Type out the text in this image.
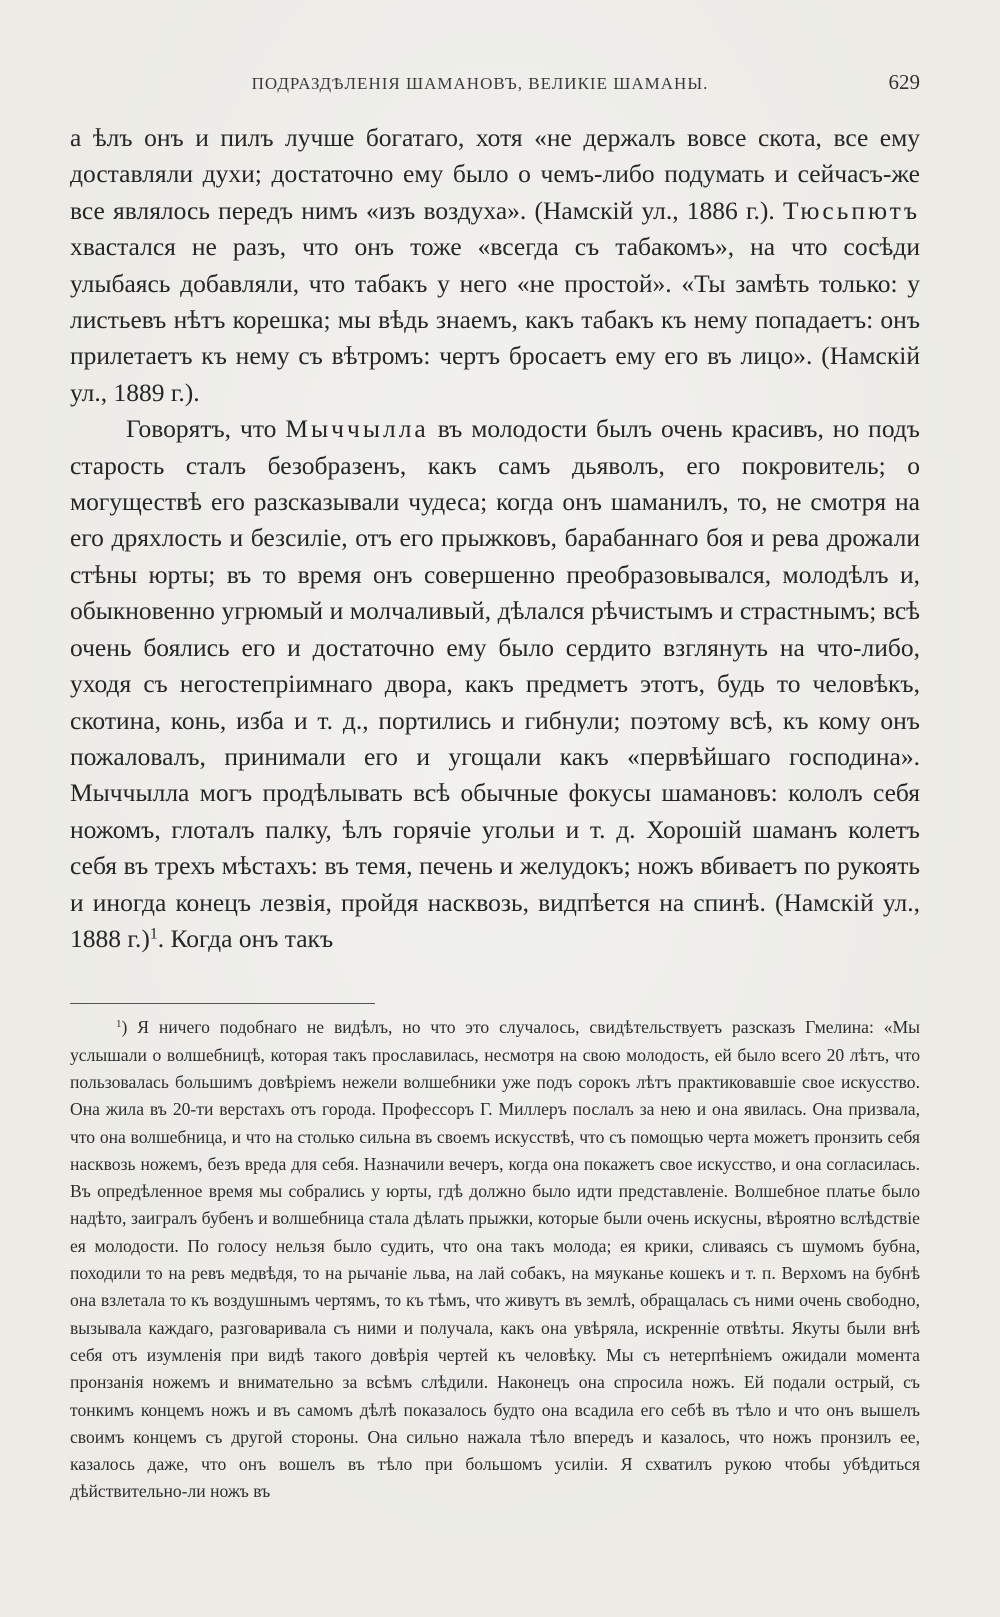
ПОДРАЗДѢЛЕНІЯ ШАМАНОВЪ, ВЕЛИКІЕ ШАМАНЫ.	629

а ѣлъ онъ и пилъ лучше богатаго, хотя «не держалъ вовсе скота, все ему доставляли духи; достаточно ему было о чемъ-либо подумать и сейчасъ-же все являлось передъ нимъ «изъ воздуха». (Намскій ул., 1886 г.). Тюсьпютъ хвастался не разъ, что онъ тоже «всегда съ табакомъ», на что сосѣди улыбаясь добавляли, что табакъ у него «не простой». «Ты замѣть только: у листьевъ нѣтъ корешка; мы вѣдь знаемъ, какъ табакъ къ нему попадаетъ: онъ прилетаетъ къ нему съ вѣтромъ: чертъ бросаетъ ему его въ лицо». (Намскій ул., 1889 г.).

Говорятъ, что Мыччылла въ молодости былъ очень красивъ, но подъ старость сталъ безобразенъ, какъ самъ дьяволъ, его покровитель; о могуществѣ его разсказывали чудеса; когда онъ шаманилъ, то, не смотря на его дряхлость и безсиліе, отъ его прыжковъ, барабаннаго боя и рева дрожали стѣны юрты; въ то время онъ совершенно преобразовывался, молодѣлъ и, обыкновенно угрюмый и молчаливый, дѣлался рѣчистымъ и страстнымъ; всѣ очень боялись его и достаточно ему было сердито взглянуть на что-либо, уходя съ негостепріимнаго двора, какъ предметъ этотъ, будь то человѣкъ, скотина, конь, изба и т. д., портились и гибнули; поэтому всѣ, къ кому онъ пожаловалъ, принимали его и угощали какъ «первѣйшаго господина». Мыччылла могъ продѣлывать всѣ обычные фокусы шамановъ: кололъ себя ножомъ, глоталъ палку, ѣлъ горячіе угольи и т. д. Хорошій шаманъ колетъ себя въ трехъ мѣстахъ: въ темя, печень и желудокъ; ножъ вбиваетъ по рукоять и иногда конецъ лезвія, пройдя насквозь, видпѣется на спинѣ. (Намскій ул., 1888 г.)$^1$. Когда онъ такъ

$^1$) Я ничего подобнаго не видѣлъ, но что это случалось, свидѣтельствуетъ разсказъ Гмелина: «Мы услышали о волшебницѣ, которая такъ прославилась, несмотря на свою молодость, ей было всего 20 лѣтъ, что пользовалась большимъ довѣріемъ нежели волшебники уже подъ сорокъ лѣтъ практиковавшіе свое искусство. Она жила въ 20-ти верстахъ отъ города. Профессоръ Г. Миллеръ послалъ за нею и она явилась. Она призвала, что она волшебница, и что на столько сильна въ своемъ искусствѣ, что съ помощью черта можетъ пронзить себя насквозь ножемъ, безъ вреда для себя. Назначили вечеръ, когда она покажетъ свое искусство, и она согласилась. Въ опредѣленное время мы собрались у юрты, гдѣ должно было идти представленіе. Волшебное платье было надѣто, заигралъ бубенъ и волшебница стала дѣлать прыжки, которые были очень искусны, вѣроятно вслѣдствіе ея молодости. По голосу нельзя было судить, что она такъ молода; ея крики, сливаясь съ шумомъ бубна, походили то на ревъ медвѣдя, то на рычаніе льва, на лай собакъ, на мяуканье кошекъ и т. п. Верхомъ на бубнѣ она взлетала то къ воздушнымъ чертямъ, то къ тѣмъ, что живутъ въ землѣ, обращалась съ ними очень свободно, вызывала каждаго, разговаривала съ ними и получала, какъ она увѣряла, искренніе отвѣты. Якуты были внѣ себя отъ изумленія при видѣ такого довѣрія чертей къ человѣку. Мы съ нетерпѣніемъ ожидали момента пронзанія ножемъ и внимательно за всѣмъ слѣдили. Наконецъ она спросила ножъ. Ей подали острый, съ тонкимъ концемъ ножъ и въ самомъ дѣлѣ показалось будто она всадила его себѣ въ тѣло и что онъ вышелъ своимъ концемъ съ другой стороны. Она сильно нажала тѣло впередъ и казалось, что ножъ пронзилъ ее, казалось даже, что онъ вошелъ въ тѣло при большомъ усиліи. Я схватилъ рукою чтобы убѣдиться дѣйствительно-ли ножъ въ
